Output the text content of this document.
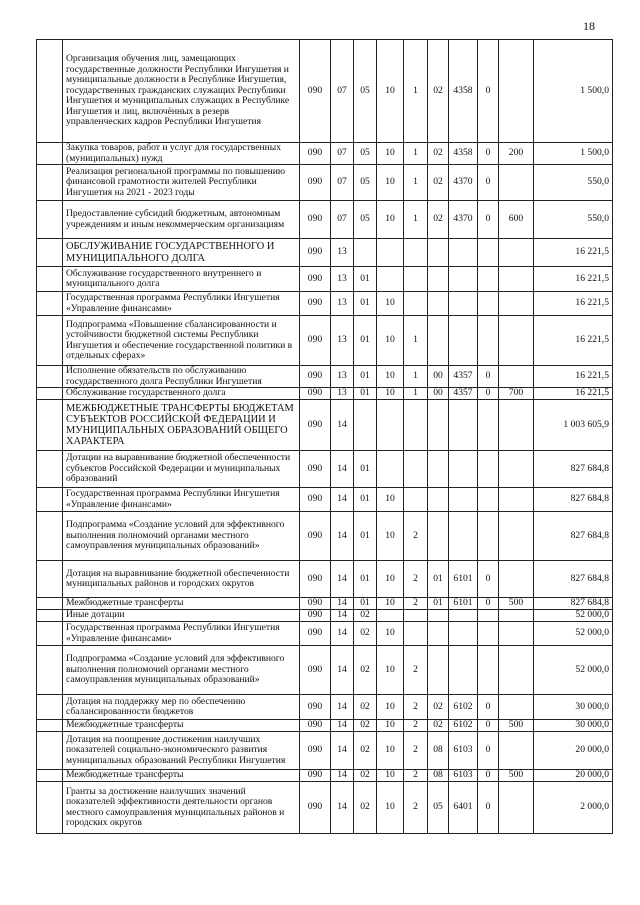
18
	Организация обучения лиц, замещающих государственные должности Республики Ингушетия и муниципальные должности в Республике Ингушетия, государственных гражданских служащих Республики Ингушетия и муниципальных служащих в Республике Ингушетия и лиц, включённых в резерв управленческих кадров Республики Ингушетия	090	07	05	10	1	02	4358	0		1 500,0
	Закупка товаров, работ и услуг для государственных (муниципальных) нужд	090	07	05	10	1	02	4358	0	200	1 500,0
	Реализация региональной программы по повышению финансовой грамотности жителей Республики Ингушетия на 2021 - 2023 годы	090	07	05	10	1	02	4370	0		550,0
	Предоставление субсидий бюджетным, автономным учреждениям и иным некоммерческим организациям	090	07	05	10	1	02	4370	0	600	550,0
	ОБСЛУЖИВАНИЕ ГОСУДАРСТВЕННОГО И МУНИЦИПАЛЬНОГО ДОЛГА	090	13								16 221,5
	Обслуживание государственного внутреннего и муниципального долга	090	13	01							16 221,5
	Государственная программа Республики Ингушетия «Управление финансами»	090	13	01	10						16 221,5
	Подпрограмма «Повышение сбалансированности и устойчивости бюджетной системы Республики Ингушетия и обеспечение государственной политики в отдельных сферах»	090	13	01	10	1					16 221,5
	Исполнение обязательств по обслуживанию государственного долга Республики Ингушетия	090	13	01	10	1	00	4357	0		16 221,5
	Обслуживание государственного долга	090	13	01	10	1	00	4357	0	700	16 221,5
	МЕЖБЮДЖЕТНЫЕ ТРАНСФЕРТЫ БЮДЖЕТАМ СУБЪЕКТОВ РОССИЙСКОЙ ФЕДЕРАЦИИ И МУНИЦИПАЛЬНЫХ ОБРАЗОВАНИЙ ОБЩЕГО ХАРАКТЕРА	090	14								1 003 605,9
	Дотации на выравнивание бюджетной обеспеченности субъектов Российской Федерации и муниципальных образований	090	14	01							827 684,8
	Государственная программа Республики Ингушетия «Управление финансами»	090	14	01	10						827 684,8
	Подпрограмма «Создание условий для эффективного выполнения полномочий органами местного самоуправления муниципальных образований»	090	14	01	10	2					827 684,8
	Дотация на выравнивание бюджетной обеспеченности муниципальных районов и городских округов	090	14	01	10	2	01	6101	0		827 684,8
	Межбюджетные трансферты	090	14	01	10	2	01	6101	0	500	827 684,8
	Иные дотации	090	14	02							52 000,0
	Государственная программа Республики Ингушетия «Управление финансами»	090	14	02	10						52 000,0
	Подпрограмма «Создание условий для эффективного выполнения полномочий органами местного самоуправления муниципальных образований»	090	14	02	10	2					52 000,0
	Дотация на поддержку мер по обеспечению сбалансированности бюджетов	090	14	02	10	2	02	6102	0		30 000,0
	Межбюджетные трансферты	090	14	02	10	2	02	6102	0	500	30 000,0
	Дотация на поощрение достижения наилучших показателей социально-экономического развития муниципальных образований Республики Ингушетия	090	14	02	10	2	08	6103	0		20 000,0
	Межбюджетные трансферты	090	14	02	10	2	08	6103	0	500	20 000,0
	Гранты за достижение наилучших значений показателей эффективности деятельности органов местного самоуправления муниципальных районов и городских округов	090	14	02	10	2	05	6401	0		2 000,0
